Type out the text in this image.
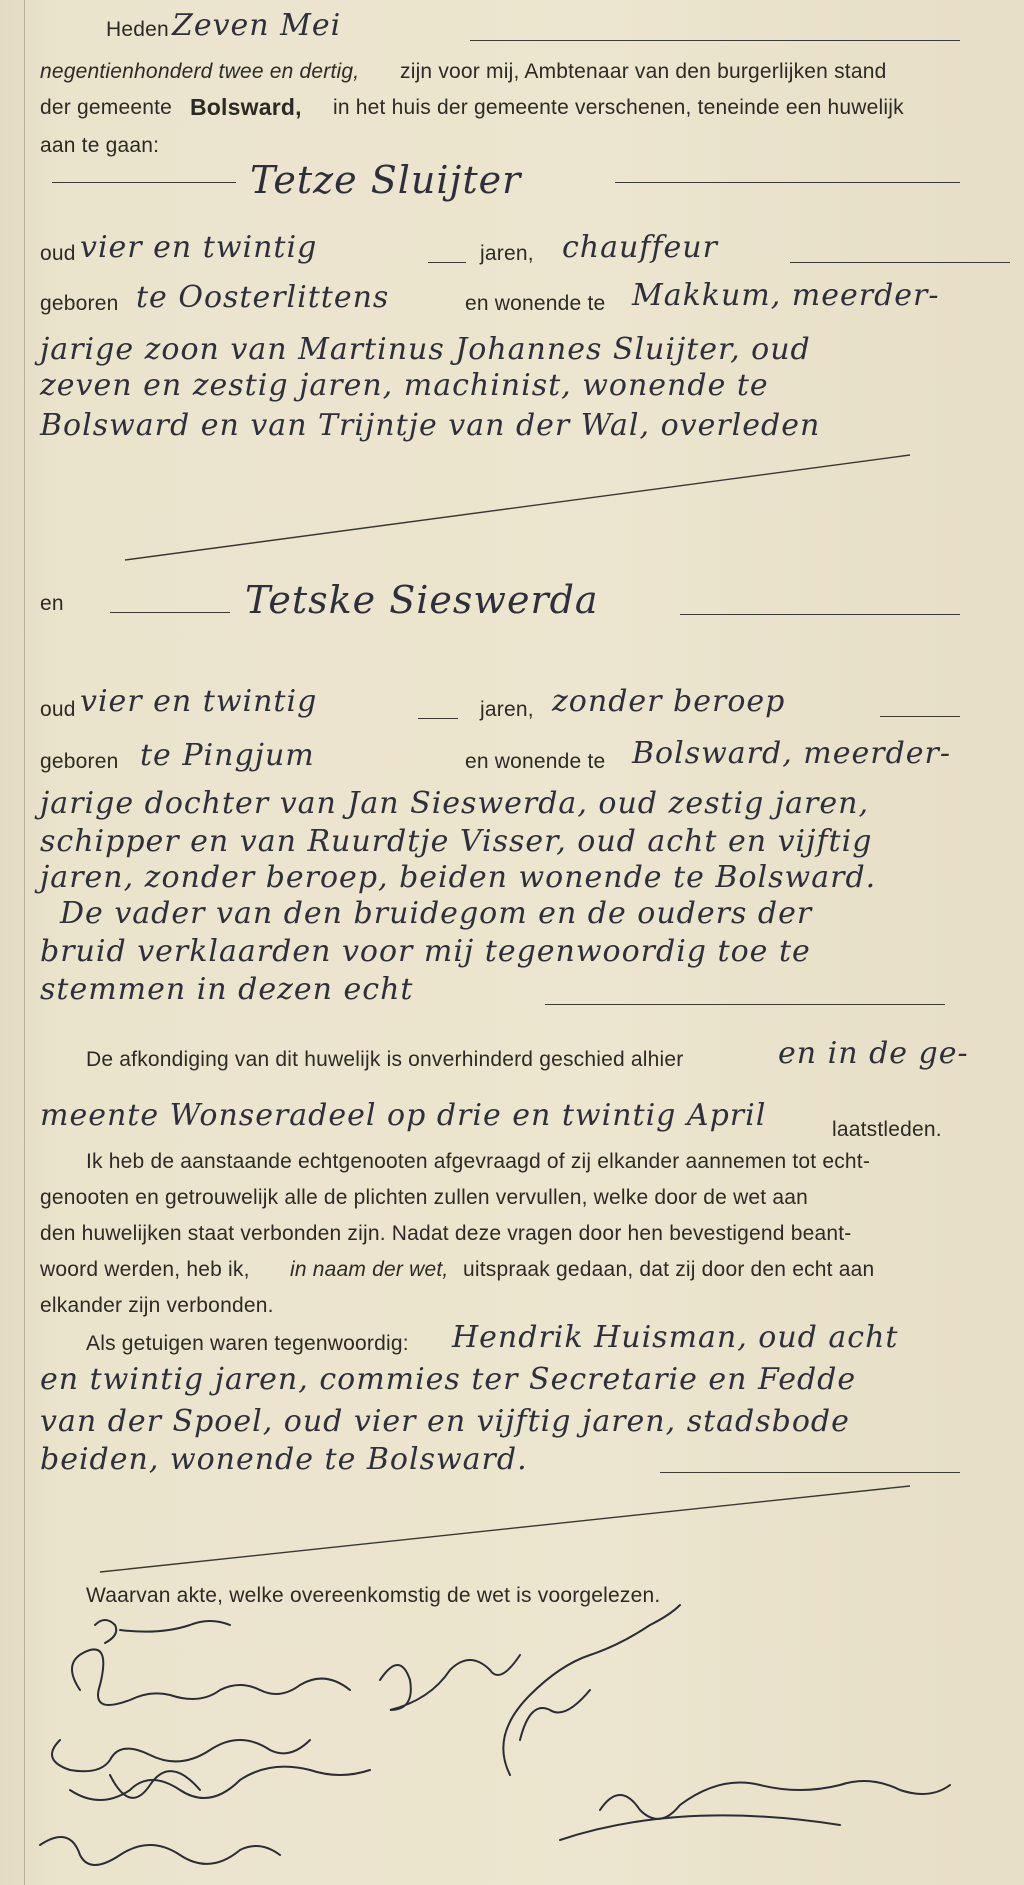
Heden Zeven Mei
negentienhonderd twee en dertig, zijn voor mij, Ambtenaar van den burgerlijken stand
der gemeente Bolsward, in het huis der gemeente verschenen, teneinde een huwelijk
aan te gaan:
Tetze Sluijter
oud vier en twintig	jaren, chauffeur
geboren te Oosterlittens	en wonende te Makkum, meerder-
jarige zoon van Martinus Johannes Sluijter, oud
zeven en zestig jaren, machinist, wonende te
Bolsward en van Trijntje van der Wal, overleden
en	Tetske Sieswerda
oud vier en twintig	jaren, zonder beroep
geboren te Pingjum	en wonende te Bolsward, meerder-
jarige dochter van Jan Sieswerda, oud zestig jaren,
schipper en van Ruurdtje Visser, oud acht en vijftig
jaren, zonder beroep, beiden wonende te Bolsward.
De vader van den bruidegom en de ouders der
bruid verklaarden voor mij tegenwoordig toe te
stemmen in dezen echt
De afkondiging van dit huwelijk is onverhinderd geschied alhier	en in de ge-
meente Wonseradeel op drie en twintig April	laatstleden.
Ik heb de aanstaande echtgenooten afgevraagd of zij elkander aannemen tot echt-
genooten en getrouwelijk alle de plichten zullen vervullen, welke door de wet aan
den huwelijken staat verbonden zijn. Nadat deze vragen door hen bevestigend beant-
woord werden, heb ik, in naam der wet, uitspraak gedaan, dat zij door den echt aan
elkander zijn verbonden.
Als getuigen waren tegenwoordig: Hendrik Huisman, oud acht
en twintig jaren, commies ter Secretarie en Fedde
van der Spoel, oud vier en vijftig jaren, stadsbode
beiden, wonende te Bolsward.
Waarvan akte, welke overeenkomstig de wet is voorgelezen.
